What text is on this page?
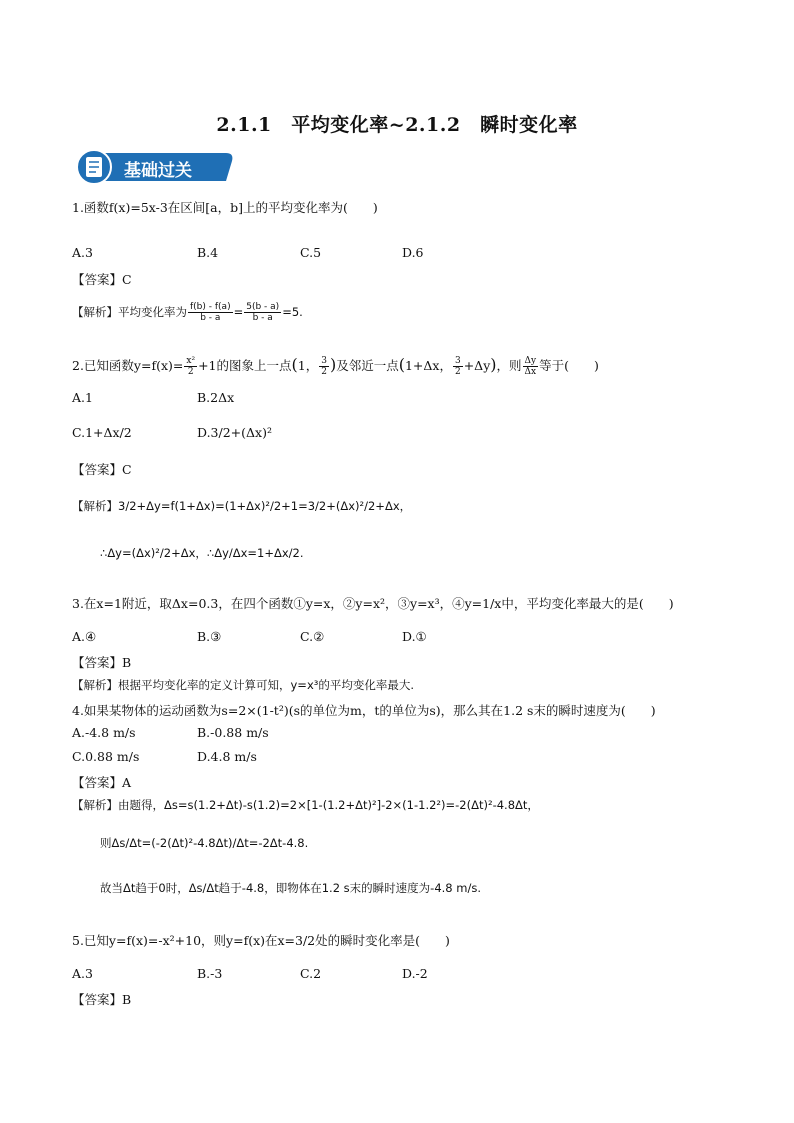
2.1.1　平均变化率~2.1.2　瞬时变化率
基础过关
1.函数f(x)=5x-3在区间[a，b]上的平均变化率为(　　)
A.3	B.4	C.5	D.6
【答案】C
【解析】平均变化率为 $\frac{f(b) - f(a)}{b - a} = \frac{5(b - a)}{b - a} =5$.
2.已知函数$y=f(x)= \frac{\text{x²}}{2} +1$的图象上一点(1， $\frac{3}{2}$ )及邻近一点(1+Δx， $\frac{3}{2} +\Delta y$)，则 $\frac{\Delta y}{\Delta x}$ 等于(　　)
A.1	B.2Δx
C.1+Δx/2	D.3/2+(Δx)²
【答案】C
【解析】3/2+Δy=f(1+Δx)=(1+Δx)²/2+1=3/2+(Δx)²/2+Δx，
∴Δy=(Δx)²/2+Δx，∴Δy/Δx=1+Δx/2.
3.在x=1附近，取Δx=0.3，在四个函数①y=x，②y=x²，③y=x³，④y=1/x中，平均变化率最大的是(　　)
A.④	B.③	C.②	D.①
【答案】B
【解析】根据平均变化率的定义计算可知，y=x³的平均变化率最大.
4.如果某物体的运动函数为s=2×(1-t²)(s的单位为m，t的单位为s)，那么其在1.2 s末的瞬时速度为(　　)
A.-4.8 m/s	B.-0.88 m/s
C.0.88 m/s	D.4.8 m/s
【答案】A
【解析】由题得，Δs=s(1.2+Δt)-s(1.2)=2×[1-(1.2+Δt)²]-2×(1-1.2²)=-2(Δt)²-4.8Δt，
则Δs/Δt=(-2(Δt)²-4.8Δt)/Δt=-2Δt-4.8.
故当Δt趋于0时，Δs/Δt趋于-4.8，即物体在1.2 s末的瞬时速度为-4.8 m/s.
5.已知y=f(x)=-x²+10，则y=f(x)在x=3/2处的瞬时变化率是(　　)
A.3	B.-3	C.2	D.-2
【答案】B
